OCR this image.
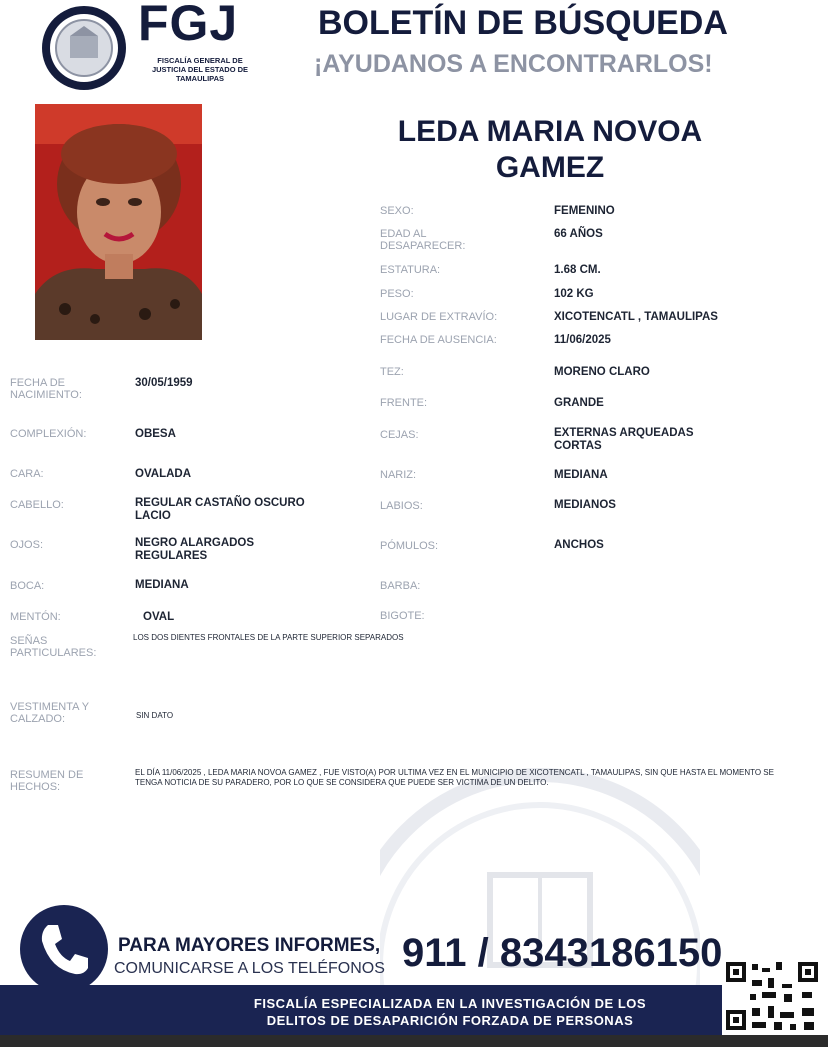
FGJ
FISCALÍA GENERAL DE JUSTICIA DEL ESTADO DE TAMAULIPAS
BOLETÍN DE BÚSQUEDA
¡AYUDANOS A ENCONTRARLOS!
LEDA MARIA NOVOA
GAMEZ
SEXO:	FEMENINO
EDAD AL DESAPARECER:
66 AÑOS
ESTATURA:	1.68 CM.
PESO:	102 KG
LUGAR DE EXTRAVÍO:	XICOTENCATL , TAMAULIPAS
FECHA DE AUSENCIA:	11/06/2025
TEZ:	MORENO CLARO
FRENTE:	GRANDE
CEJAS:	EXTERNAS ARQUEADAS CORTAS
NARIZ:	MEDIANA
LABIOS:	MEDIANOS
PÓMULOS:	ANCHOS
BARBA:
BIGOTE:
FECHA DE NACIMIENTO:
30/05/1959
COMPLEXIÓN:	OBESA
CARA:	OVALADA
CABELLO:	REGULAR CASTAÑO OSCURO LACIO
OJOS:	NEGRO ALARGADOS REGULARES
BOCA:	MEDIANA
MENTÓN:	OVAL
SEÑAS PARTICULARES:
LOS DOS DIENTES FRONTALES DE LA PARTE SUPERIOR SEPARADOS
VESTIMENTA Y CALZADO:	SIN DATO
RESUMEN DE HECHOS:
EL DÍA 11/06/2025 , LEDA MARIA NOVOA GAMEZ , FUE VISTO(A) POR ULTIMA VEZ EN EL MUNICIPIO DE XICOTENCATL , TAMAULIPAS, SIN QUE HASTA EL MOMENTO SE TENGA NOTICIA DE SU PARADERO, POR LO QUE SE CONSIDERA QUE PUEDE SER VICTIMA DE UN DELITO.
PARA MAYORES INFORMES,
COMUNICARSE A LOS TELÉFONOS 911 / 8343186150
FISCALÍA ESPECIALIZADA EN LA INVESTIGACIÓN DE LOS
DELITOS DE DESAPARICIÓN FORZADA DE PERSONAS
